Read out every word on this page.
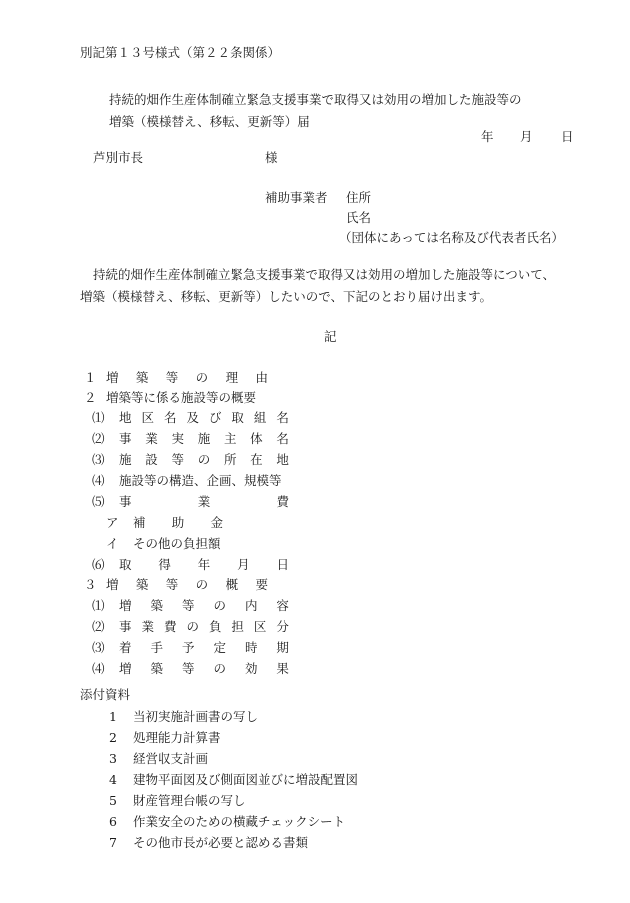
別記第１３号様式（第２２条関係）
持続的畑作生産体制確立緊急支援事業で取得又は効用の増加した施設等の
増築（模様替え、移転、更新等）届
年 月 日
芦別市長	様
補助事業者 住所
氏名
（団体にあっては名称及び代表者氏名）
持続的畑作生産体制確立緊急支援事業で取得又は効用の増加した施設等について、
増築（模様替え、移転、更新等）したいので、下記のとおり届け出ます。
記
１ 増 築 等 の 理 由
２ 増築等に係る施設等の概要
⑴ 地 区 名 及 び 取 組 名
⑵ 事 業 実 施 主 体 名
⑶ 施 設 等 の 所 在 地
⑷ 施設等の構造、企画、規模等
⑸ 事	業	費
ア 補 助 金
イ その他の負担額
⑹ 取 得 年 月 日
３ 増 築 等 の 概 要
⑴ 増 築 等 の 内 容
⑵ 事 業 費 の 負 担 区 分
⑶ 着 手 予 定 時 期
⑷ 増 築 等 の 効 果
添付資料
1 当初実施計画書の写し
2 処理能力計算書
3 経営収支計画
4 建物平面図及び側面図並びに増設配置図
5 財産管理台帳の写し
6 作業安全のための横藏チェックシート
7 その他市長が必要と認める書類
